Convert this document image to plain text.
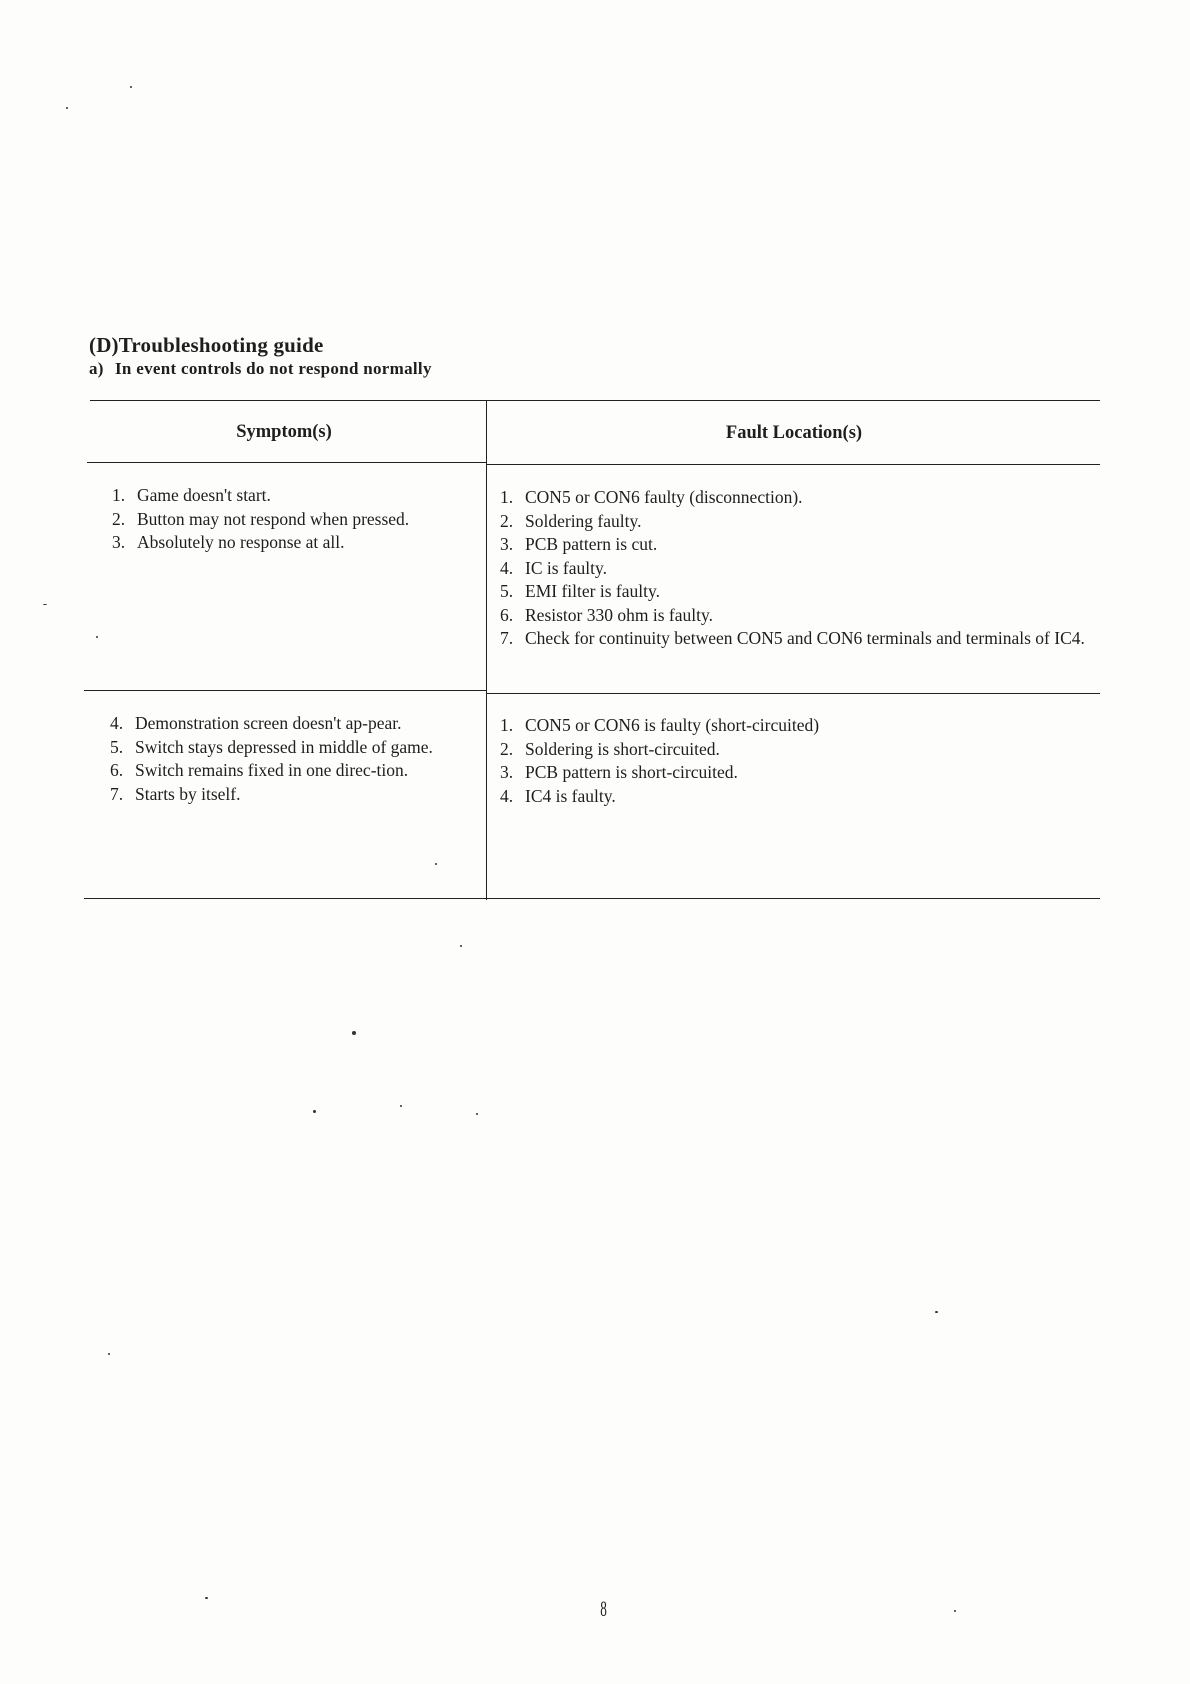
(D)Troubleshooting guide
a) In event controls do not respond normally
Symptom(s)	Fault Location(s)
1. Game doesn't start.
2. Button may not respond when pressed.
3. Absolutely no response at all.
1. CON5 or CON6 faulty (disconnection).
2. Soldering faulty.
3. PCB pattern is cut.
4. IC is faulty.
5. EMI filter is faulty.
6. Resistor 330 ohm is faulty.
7. Check for continuity between CON5 and CON6 terminals and terminals of IC4.
4. Demonstration screen doesn't ap-pear.
5. Switch stays depressed in middle of game.
6. Switch remains fixed in one direc-tion.
7. Starts by itself.
1. CON5 or CON6 is faulty (short-circuited)
2. Soldering is short-circuited.
3. PCB pattern is short-circuited.
4. IC4 is faulty.
8
